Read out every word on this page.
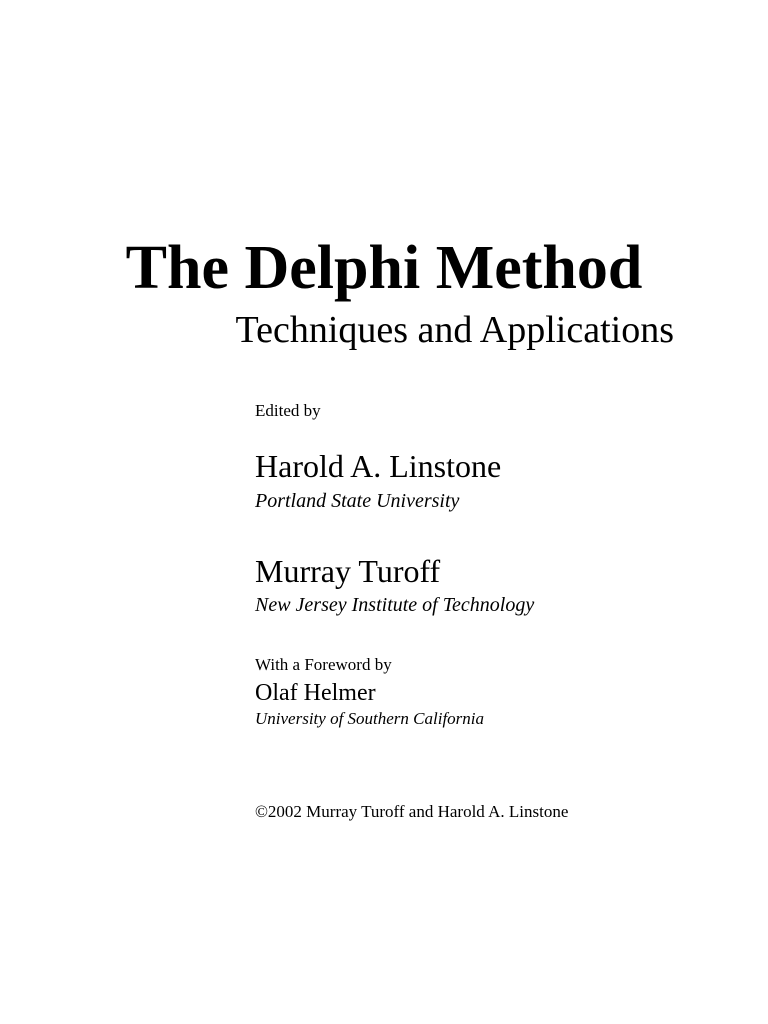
The Delphi Method
Techniques and Applications
Edited by
Harold A. Linstone
Portland State University
Murray Turoff
New Jersey Institute of Technology
With a Foreword by
Olaf Helmer
University of Southern California
©2002 Murray Turoff and Harold A. Linstone
